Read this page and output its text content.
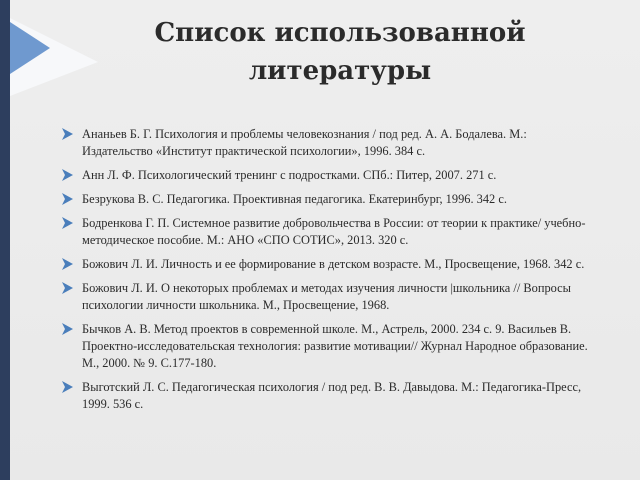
Список использованной
литературы
Ананьев Б. Г. Психология и проблемы человекознания / под ред. А. А. Бодалева. М.: Издательство «Институт практической психологии», 1996. 384 с.
Анн Л. Ф. Психологический тренинг с подростками. СПб.: Питер, 2007. 271 с.
Безрукова В. С. Педагогика. Проективная педагогика. Екатеринбург, 1996. 342 с.
Бодренкова Г. П. Системное развитие добровольчества в России: от теории к практике/ учебно-методическое пособие. М.: АНО «СПО СОТИС», 2013. 320 с.
Божович Л. И. Личность и ее формирование в детском возрасте. М., Просвещение, 1968. 342 с.
Божович Л. И. О некоторых проблемах и методах изучения личности |школьника // Вопросы психологии личности школьника. М., Просвещение, 1968.
Бычков А. В. Метод проектов в современной школе. М., Астрель, 2000. 234 с. 9. Васильев В. Проектно-исследовательская технология: развитие мотивации// Журнал Народное образование. М., 2000. № 9. С.177-180.
Выготский Л. С. Педагогическая психология / под ред. В. В. Давыдова. М.: Педагогика-Пресс, 1999. 536 с.
